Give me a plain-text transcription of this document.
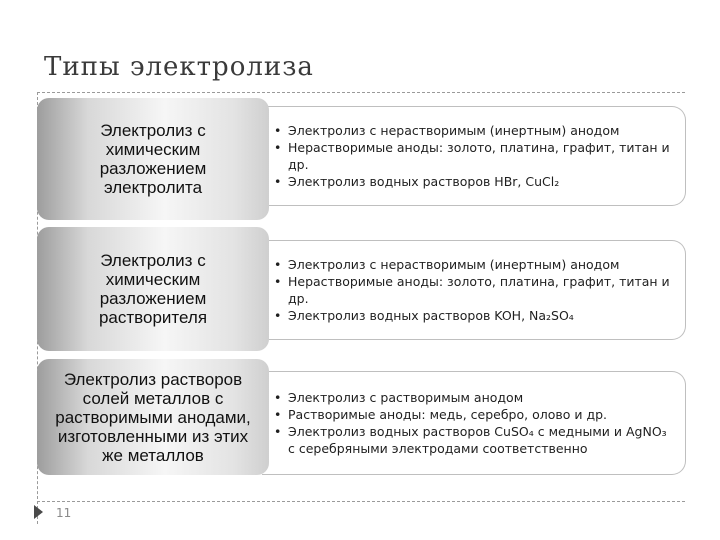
Типы электролиза
• Электролиз с нерастворимым (инертным) анодом
• Нерастворимые аноды: золото, платина, графит, титан и др.
• Электролиз водных растворов HBr, CuCl₂
Электролиз с
химическим
разложением
электролита
• Электролиз с нерастворимым (инертным) анодом
• Нерастворимые аноды: золото, платина, графит, титан и др.
• Электролиз водных растворов KOH, Na₂SO₄
Электролиз с
химическим
разложением
растворителя
• Электролиз с растворимым анодом
• Растворимые аноды: медь, серебро, олово и др.
• Электролиз водных растворов CuSO₄ с медными и AgNO₃ с серебряными электродами соответственно
Электролиз растворов
солей металлов с
растворимыми анодами,
изготовленными из этих
же металлов
11
